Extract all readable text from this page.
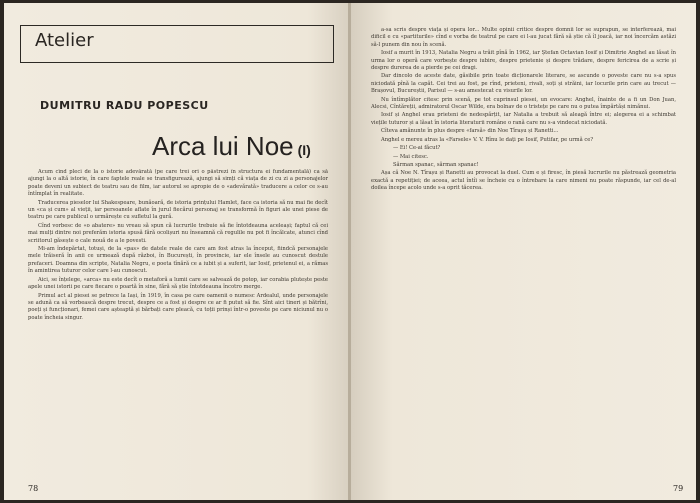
Atelier
DUMITRU RADU POPESCU
Arca lui Noe (I)

Acum cînd pleci de la o istorie adevărată (pe care trei ori o păstrezi în structura ei fundamentală) ca să ajungi la o altă istorie, în care faptele reale se transfigurează, ajungi să simți că viața de zi cu zi a personajelor poate deveni un subiect de teatru sau de film, iar autorul se apropie de o «adevărată» traducere a celor ce s-au întîmplat în realitate.

Traducerea pieselor lui Shakespeare, bunăoară, de istoria prințului Hamlet, face ca istoria să nu mai fie decît un «ca și cum» al vieții, iar persoanele aflate în jurul fiecărui personaj se transformă în figuri ale unei piese de teatru pe care publicul o urmărește cu sufletul la gură.

Cînd vorbesc de «o abatere» nu vreau să spun că lucrurile trebuie să fie întotdeauna aceleași; faptul că cei mai mulți dintre noi preferăm istoria spusă fără ocolișuri nu înseamnă că regulile nu pot fi încălcate, atunci cînd scriitorul găsește o cale nouă de a le povesti.

Mi-am îndepărtat, totuși, de la «pas» de datele reale de care am fost atras la început, fiindcă personajele mele trăiseră în anii ce urmează după război, în București, în provincie, iar ele însele au cunoscut destule prefaceri. Doamna din scripte, Natalia Negru, e poeta tînără ce a iubit și a suferit, iar Iosif, prietenul ei, a rămas în amintirea tuturor celor care l-au cunoscut.

Aici, se înțelege, «arca» nu este decît o metaforă a lumii care se salvează de potop, iar corabia plutește peste apele unei istorii pe care fiecare o poartă în sine, fără să știe întotdeauna încotro merge.

Primul act al piesei se petrece la Iași, în 1919, în casa pe care oamenii o numesc Ardealul, unde personajele se adună ca să vorbească despre trecut, despre ce a fost și despre ce ar fi putut să fie. Sînt aici tineri și bătrîni, poeți și funcționari, femei care așteaptă și bărbați care pleacă, cu toții prinși într-o poveste pe care niciunul nu o poate încheia singur.

78

a-sa scris despre viața și opera lor... Multe opinii critice despre domnii lor se suprapun, se interferează, mai dificil e cu «partiturile» cînd e vorba de teatrul pe care ei l-au jucat fără să știe că îl joacă, iar noi încercăm astăzi să-l punem din nou în scenă.

Iosif a murit în 1913, Natalia Negru a trăit pînă în 1962, iar Ștefan Octavian Iosif și Dimitrie Anghel au lăsat în urma lor o operă care vorbește despre iubire, despre prietenie și despre trădare, despre fericirea de a scrie și despre durerea de a pierde pe cei dragi.

Dar dincolo de aceste date, găsibile prin toate dicționarele literare, se ascunde o poveste care nu s-a spus niciodată pînă la capăt. Cei trei au fost, pe rînd, prieteni, rivali, soți și străini, iar locurile prin care au trecut — Brașovul, Bucureștii, Parisul — s-au amestecat cu visurile lor.

Nu întîmplător citesc prin scenă, pe tot cuprinsul piesei, un evocare: Anghel, înainte de a fi un Don Juan, Alecsi, Cîntăreții, admiratorul Oscar Wilde, era bolnav de o tristețe pe care nu o putea împărtăși nimănui.

Iosif și Anghel erau prieteni de nedespărțit, iar Natalia a trebuit să aleagă între ei; alegerea ei a schimbat viețile tuturor și a lăsat în istoria literaturii române o rană care nu s-a vindecat niciodată.

Cîteva amănunte în plus despre «farsă» din Noe Tîrașu și Ranetti...

Anghel e mereu atras la «Farsele» V. V. Rînu le dați pe Iosif, Putifar, pe urmă ce?

— Ei! Ce-ai făcut?

— Mai citesc.

Sărman spanac, sărman spanac!

Așa că Noe N. Tîrașu și Ranetti au provocat la duel. Cum e și firesc, în piesă lucrurile nu păstrează geometria exactă a repetiției; de aceea, actul întîi se încheie cu o întrebare la care nimeni nu poate răspunde, iar cel de-al doilea începe acolo unde s-a oprit tăcerea.

79
